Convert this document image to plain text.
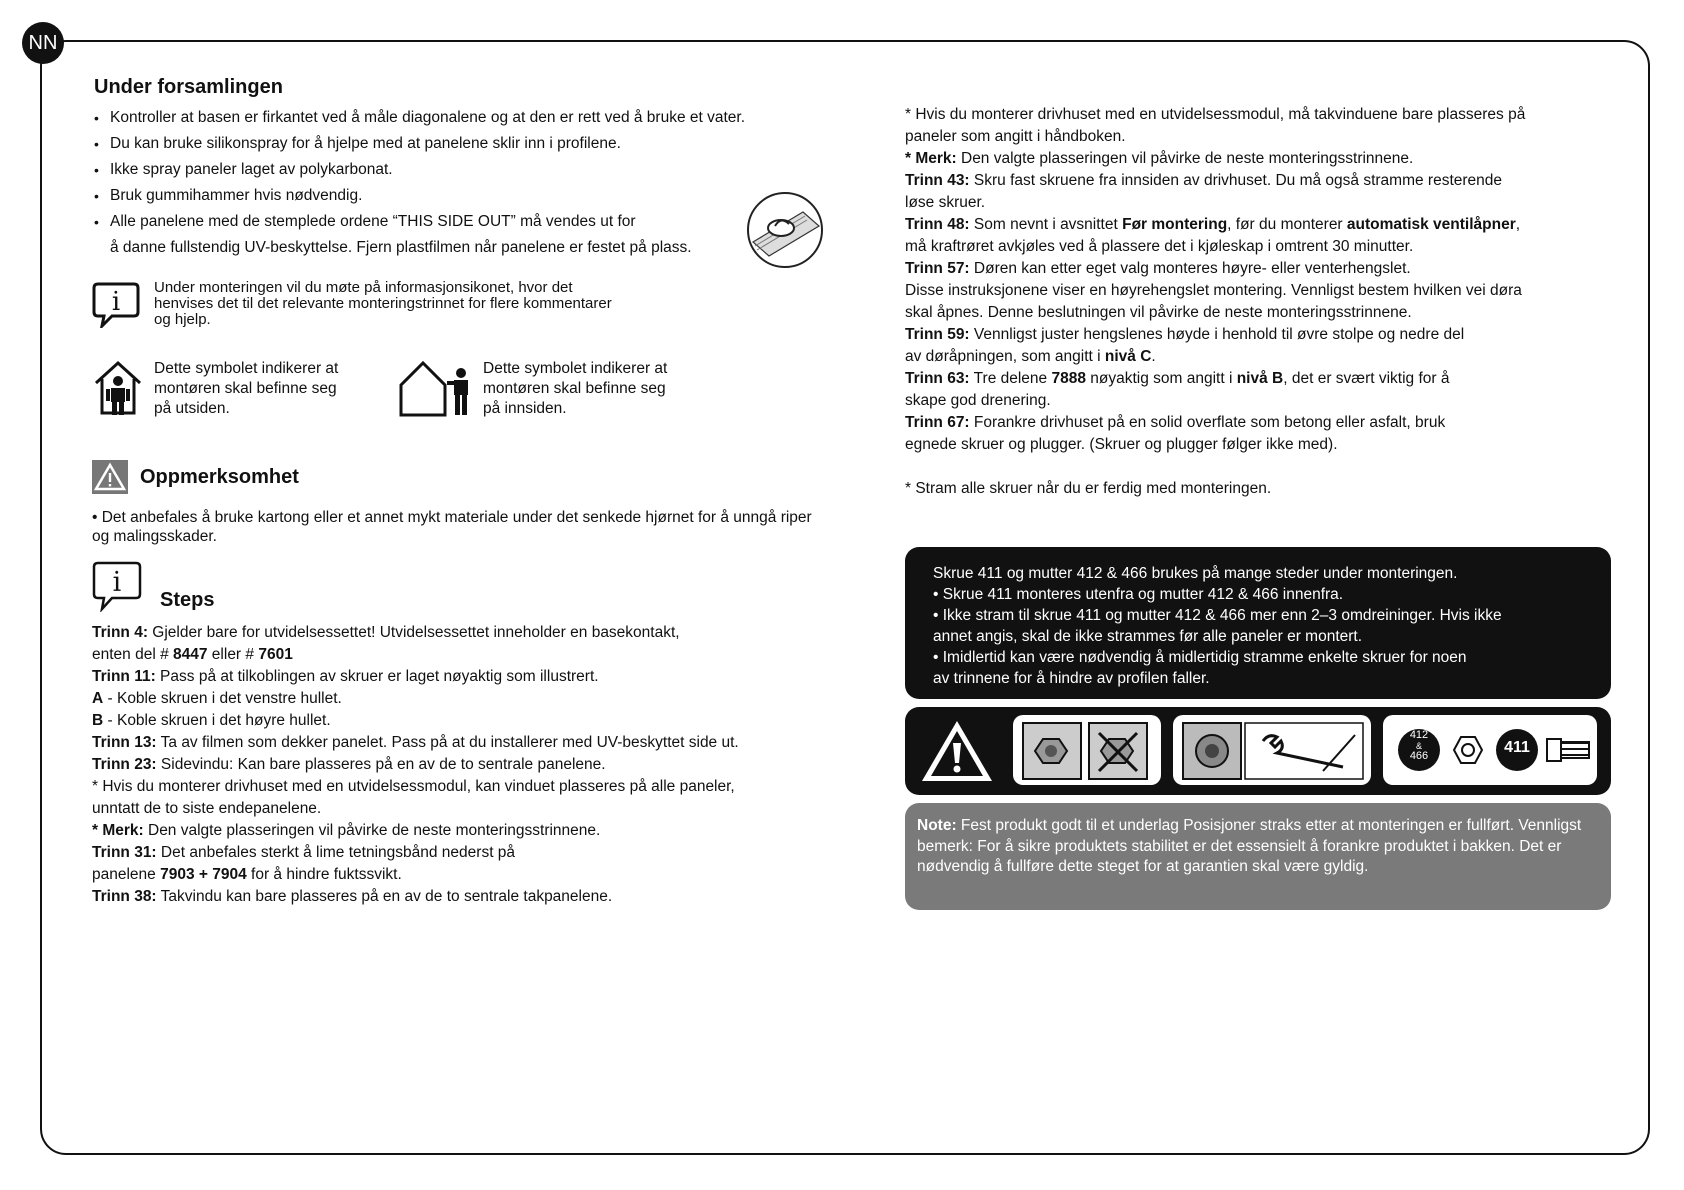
NN
Under forsamlingen
• Kontroller at basen er firkantet ved å måle diagonalene og at den er rett ved å bruke et vater.
• Du kan bruke silikonspray for å hjelpe med at panelene sklir inn i profilene.
• Ikke spray paneler laget av polykarbonat.
• Bruk gummihammer hvis nødvendig.
• Alle panelene med de stemplede ordene “THIS SIDE OUT” må vendes ut for
å danne fullstendig UV-beskyttelse. Fjern plastfilmen når panelene er festet på plass.
i Under monteringen vil du møte på informasjonsikonet, hvor det henvises det til det relevante monteringstrinnet for flere kommentarer og hjelp.
Dette symbolet indikerer at montøren skal befinne seg på utsiden.
Dette symbolet indikerer at montøren skal befinne seg på innsiden.
Oppmerksomhet
• Det anbefales å bruke kartong eller et annet mykt materiale under det senkede hjørnet for å unngå riper og malingsskader.
i
Steps

Trinn 4: Gjelder bare for utvidelsessettet! Utvidelsessettet inneholder en basekontakt,

enten del # 8447 eller # 7601

Trinn 11: Pass på at tilkoblingen av skruer er laget nøyaktig som illustrert.

A - Koble skruen i det venstre hullet.

B - Koble skruen i det høyre hullet.

Trinn 13: Ta av filmen som dekker panelet. Pass på at du installerer med UV-beskyttet side ut.

Trinn 23: Sidevindu: Kan bare plasseres på en av de to sentrale panelene.

* Hvis du monterer drivhuset med en utvidelsessmodul, kan vinduet plasseres på alle paneler,

unntatt de to siste endepanelene.

* Merk: Den valgte plasseringen vil påvirke de neste monteringsstrinnene.

Trinn 31: Det anbefales sterkt å lime tetningsbånd nederst på

panelene 7903 + 7904 for å hindre fuktssvikt.

Trinn 38: Takvindu kan bare plasseres på en av de to sentrale takpanelene.

* Hvis du monterer drivhuset med en utvidelsessmodul, må takvinduene bare plasseres på

paneler som angitt i håndboken.

* Merk: Den valgte plasseringen vil påvirke de neste monteringsstrinnene.

Trinn 43: Skru fast skruene fra innsiden av drivhuset. Du må også stramme resterende

løse skruer.

Trinn 48: Som nevnt i avsnittet Før montering, før du monterer automatisk ventilåpner,

må kraftrøret avkjøles ved å plassere det i kjøleskap i omtrent 30 minutter.

Trinn 57: Døren kan etter eget valg monteres høyre- eller venterhengslet.

Disse instruksjonene viser en høyrehengslet montering. Vennligst bestem hvilken vei døra

skal åpnes. Denne beslutningen vil påvirke de neste monteringsstrinnene.

Trinn 59: Vennligst juster hengslenes høyde i henhold til øvre stolpe og nedre del

av døråpningen, som angitt i nivå C.

Trinn 63: Tre delene 7888 nøyaktig som angitt i nivå B, det er svært viktig for å

skape god drenering.

Trinn 67: Forankre drivhuset på en solid overflate som betong eller asfalt, bruk

egnede skruer og plugger. (Skruer og plugger følger ikke med).

* Stram alle skruer når du er ferdig med monteringen.

Skrue 411 og mutter 412 & 466 brukes på mange steder under monteringen.
• Skrue 411 monteres utenfra og mutter 412 & 466 innenfra.
• Ikke stram til skrue 411 og mutter 412 & 466 mer enn 2–3 omdreininger. Hvis ikke
annet angis, skal de ikke strammes før alle paneler er montert.
• Imidlertid kan være nødvendig å midlertidig stramme enkelte skruer for noen
av trinnene for å hindre av profilen faller.
412
&
466	411
Note: Fest produkt godt til et underlag Posisjoner straks etter at monteringen er fullført. Vennligst bemerk: For å sikre produktets stabilitet er det essensielt å forankre produktet i bakken. Det er nødvendig å fullføre dette steget for at garantien skal være gyldig.
